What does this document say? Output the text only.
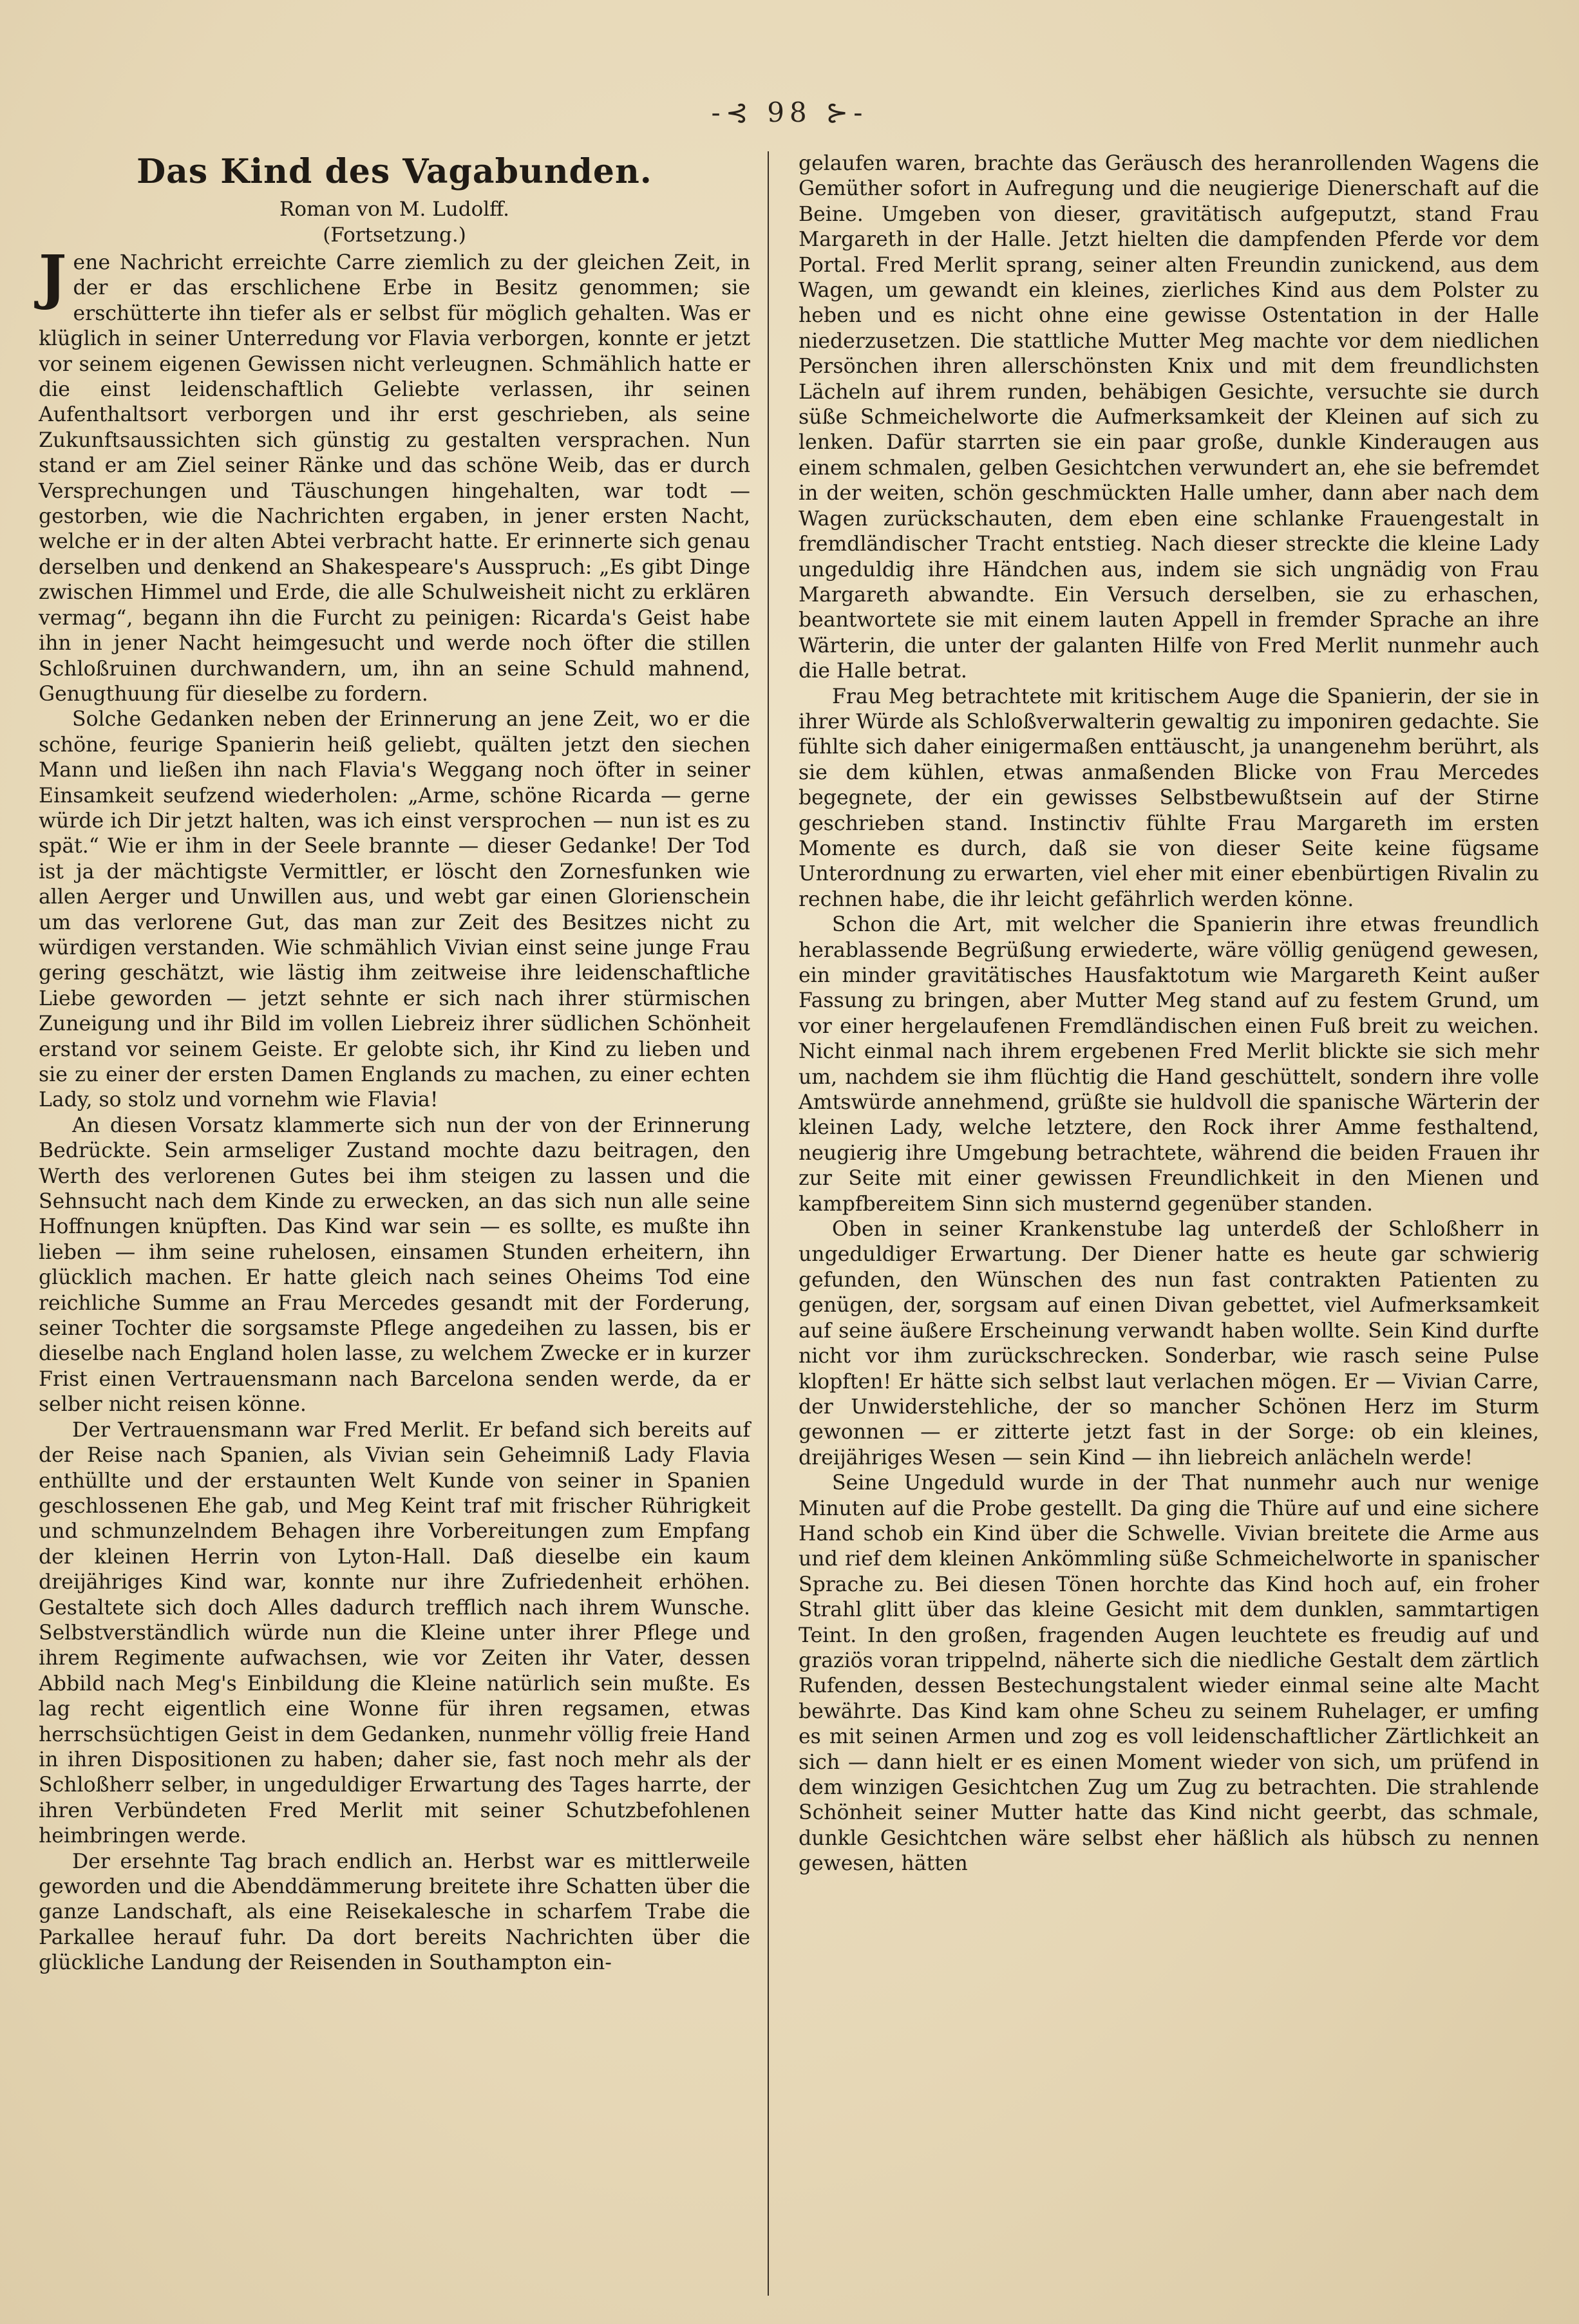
-⊰ 98 ⊱-
Das Kind des Vagabunden.
Roman von M. Ludolff.
(Fortsetzung.)

Jene Nachricht erreichte Carre ziemlich zu der gleichen Zeit, in der er das erschlichene Erbe in Besitz genommen; sie erschütterte ihn tiefer als er selbst für möglich gehalten. Was er klüglich in seiner Unterredung vor Flavia verborgen, konnte er jetzt vor seinem eigenen Gewissen nicht verleugnen. Schmählich hatte er die einst leidenschaftlich Geliebte verlassen, ihr seinen Aufenthaltsort verborgen und ihr erst geschrieben, als seine Zukunftsaussichten sich günstig zu gestalten versprachen. Nun stand er am Ziel seiner Ränke und das schöne Weib, das er durch Versprechungen und Täuschungen hingehalten, war todt — gestorben, wie die Nachrichten ergaben, in jener ersten Nacht, welche er in der alten Abtei verbracht hatte. Er erinnerte sich genau derselben und denkend an Shakespeare's Ausspruch: „Es gibt Dinge zwischen Himmel und Erde, die alle Schulweisheit nicht zu erklären vermag“, begann ihn die Furcht zu peinigen: Ricarda's Geist habe ihn in jener Nacht heimgesucht und werde noch öfter die stillen Schloßruinen durchwandern, um, ihn an seine Schuld mahnend, Genugthuung für dieselbe zu fordern.

Solche Gedanken neben der Erinnerung an jene Zeit, wo er die schöne, feurige Spanierin heiß geliebt, quälten jetzt den siechen Mann und ließen ihn nach Flavia's Weggang noch öfter in seiner Einsamkeit seufzend wiederholen: „Arme, schöne Ricarda — gerne würde ich Dir jetzt halten, was ich einst versprochen — nun ist es zu spät.“ Wie er ihm in der Seele brannte — dieser Gedanke! Der Tod ist ja der mächtigste Vermittler, er löscht den Zornesfunken wie allen Aerger und Unwillen aus, und webt gar einen Glorienschein um das verlorene Gut, das man zur Zeit des Besitzes nicht zu würdigen verstanden. Wie schmählich Vivian einst seine junge Frau gering geschätzt, wie lästig ihm zeitweise ihre leidenschaftliche Liebe geworden — jetzt sehnte er sich nach ihrer stürmischen Zuneigung und ihr Bild im vollen Liebreiz ihrer südlichen Schönheit erstand vor seinem Geiste. Er gelobte sich, ihr Kind zu lieben und sie zu einer der ersten Damen Englands zu machen, zu einer echten Lady, so stolz und vornehm wie Flavia!

An diesen Vorsatz klammerte sich nun der von der Erinnerung Bedrückte. Sein armseliger Zustand mochte dazu beitragen, den Werth des verlorenen Gutes bei ihm steigen zu lassen und die Sehnsucht nach dem Kinde zu erwecken, an das sich nun alle seine Hoffnungen knüpften. Das Kind war sein — es sollte, es mußte ihn lieben — ihm seine ruhelosen, einsamen Stunden erheitern, ihn glücklich machen. Er hatte gleich nach seines Oheims Tod eine reichliche Summe an Frau Mercedes gesandt mit der Forderung, seiner Tochter die sorgsamste Pflege angedeihen zu lassen, bis er dieselbe nach England holen lasse, zu welchem Zwecke er in kurzer Frist einen Vertrauensmann nach Barcelona senden werde, da er selber nicht reisen könne.

Der Vertrauensmann war Fred Merlit. Er befand sich bereits auf der Reise nach Spanien, als Vivian sein Geheimniß Lady Flavia enthüllte und der erstaunten Welt Kunde von seiner in Spanien geschlossenen Ehe gab, und Meg Keint traf mit frischer Rührigkeit und schmunzelndem Behagen ihre Vorbereitungen zum Empfang der kleinen Herrin von Lyton-Hall. Daß dieselbe ein kaum dreijähriges Kind war, konnte nur ihre Zufriedenheit erhöhen. Gestaltete sich doch Alles dadurch trefflich nach ihrem Wunsche. Selbstverständlich würde nun die Kleine unter ihrer Pflege und ihrem Regimente aufwachsen, wie vor Zeiten ihr Vater, dessen Abbild nach Meg's Einbildung die Kleine natürlich sein mußte. Es lag recht eigentlich eine Wonne für ihren regsamen, etwas herrschsüchtigen Geist in dem Gedanken, nunmehr völlig freie Hand in ihren Dispositionen zu haben; daher sie, fast noch mehr als der Schloßherr selber, in ungeduldiger Erwartung des Tages harrte, der ihren Verbündeten Fred Merlit mit seiner Schutzbefohlenen heimbringen werde.

Der ersehnte Tag brach endlich an. Herbst war es mittlerweile geworden und die Abenddämmerung breitete ihre Schatten über die ganze Landschaft, als eine Reisekalesche in scharfem Trabe die Parkallee herauf fuhr. Da dort bereits Nachrichten über die glückliche Landung der Reisenden in Southampton ein-

gelaufen waren, brachte das Geräusch des heranrollenden Wagens die Gemüther sofort in Aufregung und die neugierige Dienerschaft auf die Beine. Umgeben von dieser, gravitätisch aufgeputzt, stand Frau Margareth in der Halle. Jetzt hielten die dampfenden Pferde vor dem Portal. Fred Merlit sprang, seiner alten Freundin zunickend, aus dem Wagen, um gewandt ein kleines, zierliches Kind aus dem Polster zu heben und es nicht ohne eine gewisse Ostentation in der Halle niederzusetzen. Die stattliche Mutter Meg machte vor dem niedlichen Persönchen ihren allerschönsten Knix und mit dem freundlichsten Lächeln auf ihrem runden, behäbigen Gesichte, versuchte sie durch süße Schmeichelworte die Aufmerksamkeit der Kleinen auf sich zu lenken. Dafür starrten sie ein paar große, dunkle Kinderaugen aus einem schmalen, gelben Gesichtchen verwundert an, ehe sie befremdet in der weiten, schön geschmückten Halle umher, dann aber nach dem Wagen zurückschauten, dem eben eine schlanke Frauengestalt in fremdländischer Tracht entstieg. Nach dieser streckte die kleine Lady ungeduldig ihre Händchen aus, indem sie sich ungnädig von Frau Margareth abwandte. Ein Versuch derselben, sie zu erhaschen, beantwortete sie mit einem lauten Appell in fremder Sprache an ihre Wärterin, die unter der galanten Hilfe von Fred Merlit nunmehr auch die Halle betrat.

Frau Meg betrachtete mit kritischem Auge die Spanierin, der sie in ihrer Würde als Schloßverwalterin gewaltig zu imponiren gedachte. Sie fühlte sich daher einigermaßen enttäuscht, ja unangenehm berührt, als sie dem kühlen, etwas anmaßenden Blicke von Frau Mercedes begegnete, der ein gewisses Selbstbewußtsein auf der Stirne geschrieben stand. Instinctiv fühlte Frau Margareth im ersten Momente es durch, daß sie von dieser Seite keine fügsame Unterordnung zu erwarten, viel eher mit einer ebenbürtigen Rivalin zu rechnen habe, die ihr leicht gefährlich werden könne.

Schon die Art, mit welcher die Spanierin ihre etwas freundlich herablassende Begrüßung erwiederte, wäre völlig genügend gewesen, ein minder gravitätisches Hausfaktotum wie Margareth Keint außer Fassung zu bringen, aber Mutter Meg stand auf zu festem Grund, um vor einer hergelaufenen Fremdländischen einen Fuß breit zu weichen. Nicht einmal nach ihrem ergebenen Fred Merlit blickte sie sich mehr um, nachdem sie ihm flüchtig die Hand geschüttelt, sondern ihre volle Amtswürde annehmend, grüßte sie huldvoll die spanische Wärterin der kleinen Lady, welche letztere, den Rock ihrer Amme festhaltend, neugierig ihre Umgebung betrachtete, während die beiden Frauen ihr zur Seite mit einer gewissen Freundlichkeit in den Mienen und kampfbereitem Sinn sich musternd gegenüber standen.

Oben in seiner Krankenstube lag unterdeß der Schloßherr in ungeduldiger Erwartung. Der Diener hatte es heute gar schwierig gefunden, den Wünschen des nun fast contrakten Patienten zu genügen, der, sorgsam auf einen Divan gebettet, viel Aufmerksamkeit auf seine äußere Erscheinung verwandt haben wollte. Sein Kind durfte nicht vor ihm zurückschrecken. Sonderbar, wie rasch seine Pulse klopften! Er hätte sich selbst laut verlachen mögen. Er — Vivian Carre, der Unwiderstehliche, der so mancher Schönen Herz im Sturm gewonnen — er zitterte jetzt fast in der Sorge: ob ein kleines, dreijähriges Wesen — sein Kind — ihn liebreich anlächeln werde!

Seine Ungeduld wurde in der That nunmehr auch nur wenige Minuten auf die Probe gestellt. Da ging die Thüre auf und eine sichere Hand schob ein Kind über die Schwelle. Vivian breitete die Arme aus und rief dem kleinen Ankömmling süße Schmeichelworte in spanischer Sprache zu. Bei diesen Tönen horchte das Kind hoch auf, ein froher Strahl glitt über das kleine Gesicht mit dem dunklen, sammtartigen Teint. In den großen, fragenden Augen leuchtete es freudig auf und graziös voran trippelnd, näherte sich die niedliche Gestalt dem zärtlich Rufenden, dessen Bestechungstalent wieder einmal seine alte Macht bewährte. Das Kind kam ohne Scheu zu seinem Ruhelager, er umfing es mit seinen Armen und zog es voll leidenschaftlicher Zärtlichkeit an sich — dann hielt er es einen Moment wieder von sich, um prüfend in dem winzigen Gesichtchen Zug um Zug zu betrachten. Die strahlende Schönheit seiner Mutter hatte das Kind nicht geerbt, das schmale, dunkle Gesichtchen wäre selbst eher häßlich als hübsch zu nennen gewesen, hätten
